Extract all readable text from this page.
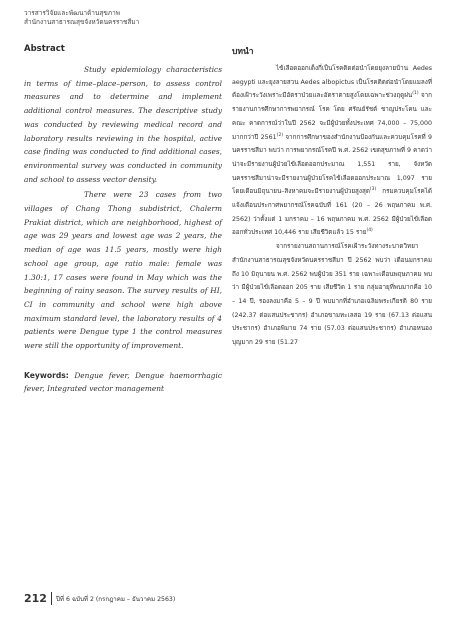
วารสารวิจัยและพัฒนาด้านสุขภาพ
สำนักงานสาธารณสุขจังหวัดนครราชสีมา
Abstract

Study epidemiology characteristics in terms of time–place–person, to assess control measures and to determine and implement additional control measures. The descriptive study was conducted by reviewing medical record and laboratory results reviewing in the hospital, active case finding was conducted to find additional cases, environmental survey was conducted in community and school to assess vector density.

There were 23 cases from two villages of Chang Thong subdistrict, Chalerm Prakiat district, which are neighborhood, highest of age was 29 years and lowest age was 2 years, the median of age was 11.5 years, mostly were high school age group, age ratio male: female was 1.30:1, 17 cases were found in May which was the beginning of rainy season. The survey results of HI, CI in community and school were high above maximum standard level, the laboratory results of 4 patients were Dengue type 1 the control measures were still the opportunity of improvement.

Keywords: Dengue fever, Dengue haemorrhagic fever, Integrated vector management
บทนำ

ไข้เลือดออกเด็งกี่เป็นโรคติดต่อนำโดยยุงลายบ้าน Aedes aegypti และยุงลายสวน Aedes albopictus เป็นโรคติดต่อนำโดยแมลงที่ต้องเฝ้าระวังเพราะมีอัตราป่วยและอัตราตายสูงโดยเฉพาะช่วงฤดูฝน$^{(1)}$ จากรายงานการศึกษาการพยากรณ์ โรค โดย ศรัณย์รัชต์ ชาญประโคน และคณะ คาดการณ์ว่าในปี 2562 จะมีผู้ป่วยทั้งประเทศ 74,000 – 75,000 มากกว่าปี 2561$^{(2)}$ จากการศึกษาของสำนักงานป้องกันและควบคุมโรคที่ 9 นครราชสีมา พบว่า การพยากรณ์โรคปี พ.ศ. 2562 เขตสุขภาพที่ 9 คาดว่าน่าจะมีรายงานผู้ป่วยไข้เลือดออกประมาณ 1,551 ราย, จังหวัดนครราชสีมาน่าจะมีรายงานผู้ป่วยโรคไข้เลือดออกประมาณ 1,097 ราย โดยเดือนมิถุนายน–สิงหาคมจะมีรายงานผู้ป่วยสูงสุด$^{(3)}$ กรมควบคุมโรคได้แจ้งเตือนประกาศพยากรณ์โรคฉบับที่ 161 (20 – 26 พฤษภาคม พ.ศ. 2562) ว่าตั้งแต่ 1 มกราคม – 16 พฤษภาคม พ.ศ. 2562 มีผู้ป่วยไข้เลือดออกทั่วประเทศ 10,446 ราย เสียชีวิตแล้ว 15 ราย$^{(4)}$

จากรายงานสถานการณ์โรคเฝ้าระวังทางระบาดวิทยาสำนักงานสาธารณสุขจังหวัดนครราชสีมา ปี 2562 พบว่า เดือนมกราคม ถึง 10 มิถุนายน พ.ศ. 2562 พบผู้ป่วย 351 ราย เฉพาะเดือนพฤษภาคม พบว่า มีผู้ป่วยไข้เลือดออก 205 ราย เสียชีวิต 1 ราย กลุ่มอายุที่พบมากคือ 10 – 14 ปี, รองลงมาคือ 5 – 9 ปี พบมากที่อำเภอเฉลิมพระเกียรติ 80 ราย (242.37 ต่อแสนประชากร) อำเภอขามทะเลสอ 19 ราย (67.13 ต่อแสนประชากร) อำเภอพิมาย 74 ราย (57.03 ต่อแสนประชากร) อำเภอหนองบุญมาก 29 ราย (51.27

212	ปีที่ 6 ฉบับที่ 2 (กรกฎาคม – ธันวาคม 2563)
